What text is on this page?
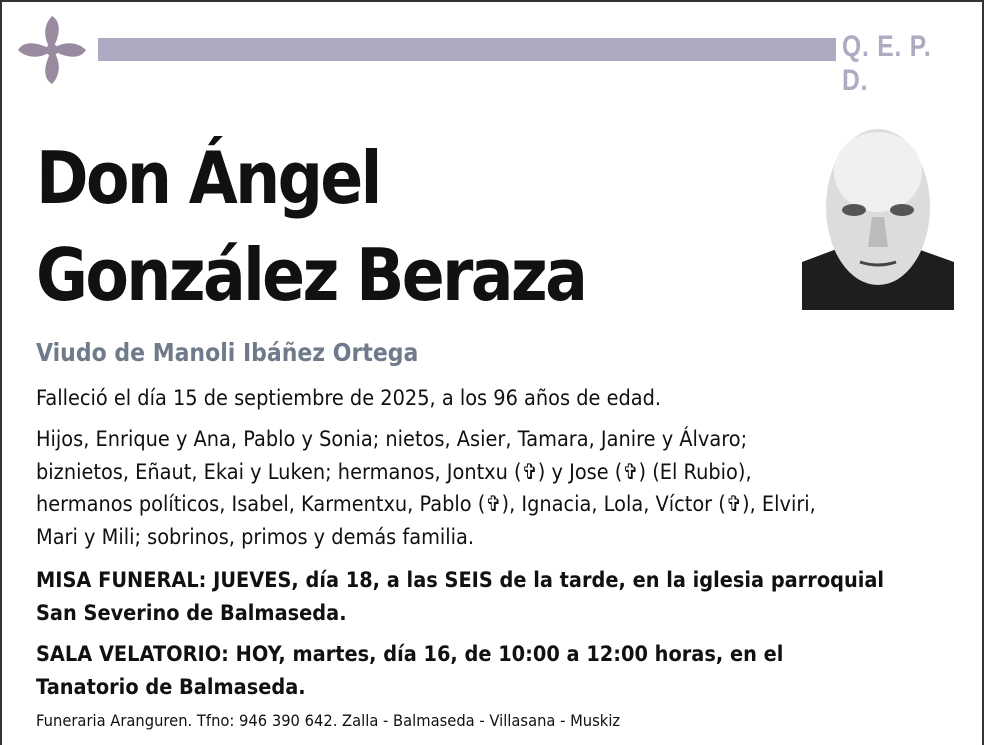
Q. E. P. D.
Don Ángel
González Beraza
Viudo de Manoli Ibáñez Ortega
Falleció el día 15 de septiembre de 2025, a los 96 años de edad.
Hijos, Enrique y Ana, Pablo y Sonia; nietos, Asier, Tamara, Janire y Álvaro;
biznietos, Eñaut, Ekai y Luken; hermanos, Jontxu (✞) y Jose (✞) (El Rubio),
hermanos políticos, Isabel, Karmentxu, Pablo (✞), Ignacia, Lola, Víctor (✞), Elviri,
Mari y Mili; sobrinos, primos y demás familia.
MISA FUNERAL: JUEVES, día 18, a las SEIS de la tarde, en la iglesia parroquial
San Severino de Balmaseda.
SALA VELATORIO: HOY, martes, día 16, de 10:00 a 12:00 horas, en el
Tanatorio de Balmaseda.
Funeraria Aranguren. Tfno: 946 390 642. Zalla - Balmaseda - Villasana - Muskiz
